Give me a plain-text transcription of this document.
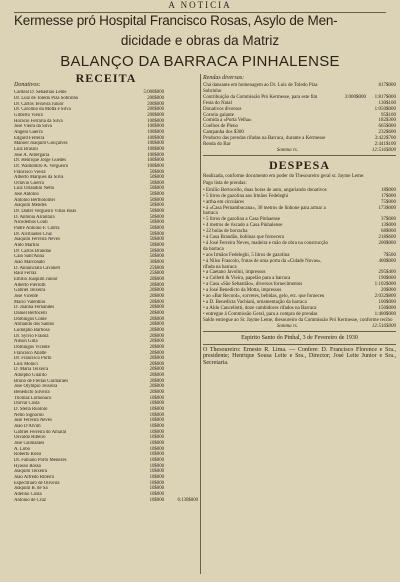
A NOTICIA
Kermesse pró Hospital Francisco Rosas, Asylo de Men-
dicidade e obras da Matriz
BALANÇO DA BARRACA PINHALENSE
RECEITA
Donativos:
Cardeal D. Sebastião Leme	5:000$000
Dr. Luiz de Toledo Piza Sobrinho	200$000
Dr. Carlos Teixeira Junior	200$000
Dr. Carolino da Motta e Silva	200$000
Gilberto Vieira	200$000
Horacio Ferraria da Silva	100$000
José Vieira da Silva	100$000
Angelo Guerra	100$000
Edgard Ferreira	100$000
Manoel Joaquim Gonçalves	100$000
Luiz Brasini	100$000
José A. Albergaria	100$000
Dr. Henrique Jorge Guedes	100$000
Dr. Waldomiro A. Vergueiro	100$000
Francisco Vieira	50$000
Alberto Marques da Silva	50$000
Octavio Guerra	50$000
Luiz Orlandini Netto	50$000
José Antonio	50$000
Antonio Bertholomei	50$000
Joaquim Mendes	50$000
Dr. Dalter Vergueiro Villas Boas	50$000
D. Antonia Alcantara	50$000
Nicodemos Conti	50$000
Padre Antonio F. Cintra	50$000
Dr. Alcibiades Cruz	50$000
Joaquim Ferreira Neves	50$000
Aldo Martini	50$000
Dr. Carlos Brandão	50$000
Caio Sant'Anna	50$000
João Marconato	30$000
D. Annunciata Cavalieri	25$000
Raul Ferraz	25$000
Emilio Joaquim Junior	20$000
Alberto Pierrotti	20$000
Gabriel Teixeira	20$000
José Vicente	20$000
Mario Valentino	20$000
D. Joanna Fernandes	20$000
Daniel Bertocelli	20$000
Domingos Conte	20$000
Armando dos Santos	20$000
Ludolpho Barbosa	20$000
Dr. Sylvio Fraiola	20$000
Nilson Gilla	20$000
Domingos Vicente	20$000
Francisco Abatte	20$000
Dr. Francisco Porto	20$000
Luiz Monici	20$000
D. Maria Teixeira	20$000
Adolpho Gilardo	20$000
Bruno de Freitas Guimarães	20$000
José Olympio Teixeira	20$000
Benedicto Silveira	20$000
Thomaz Lomonaco	10$000
Durval Costa	10$000
D. Stella Ruotolo	10$000
Nello Signorini	10$000
José Ferreira Neves	10$000
João D'Alvim	10$000
Gabriel Ferreira do Amaral	10$000
Osvaldo Ribeiro	10$000
José Guimarães	10$000
A. Lobo	10$000
Roberto Rossi	10$000
Dr. Fabiano Porto Menezes	10$000
Hyasso Rossa	10$000
Joaquim Teixeira	10$000
João Alfredo Ribeiro	10$000
Espectiliaro de Oliveira	10$000
Joaquim B. de Sá	10$000
Adelino Costa	10$000
Antonio de Cruz	10$000	6:130$000
Rendas diversas:
Chá dansante em homenagem ao Dr. Luiz de Toledo Piza Sobrinho
817$000
Contribuição da Commissão Pró Kermesse, para este fim	3:000$000	1:817$000
Festa do Natal	130$100
Donativos diversos	1:050$000
Correio galante	95$100
Comida a «Porta Velha»	182$300
Coelhos de Pleno	665$000
Campanha dos $300	232$600
Producto das prendas rifadas na Barraca, durante a Kermesse	3:422$700
Renda do Bar	2:441$100
Somma rs.	12:516$000
DESPESA
Realizada, conforme documento em poder do Thesoureiro geral sr. Jayme Leme:
Pago lista de prendas:
• Emilio Bertocello, duas horas de auto, angariando donativos	18$000
• 5 litros de gazolina aos Irmãos Fedeleghi	17$000
• artha em circulares	75$000
• á «Casa Pernambucana», 30 metros de linhone para armar a barraca
173$000
• 5 litros de gazolina a Casa Pinhaense	37$000
• 4 metros de riscado a Casa Pinhalense	13$000
• 22 bolas de borracha	68$000
• á Casa Brandão, bobinas que fornecera	218$600
• á José Ferreira Neves, madeira e mão de obra na construcção da barraca
200$000
• aos Irmãos Fedeleghi, 5 litros de gazolina	7$500
• á Nilso Frascolo, frutas de uma porta da «Cidade Novas», rifada na barraca
400$000
• a Caetano Javolini, impressos	295$400
• a Colletti & Vieira, papelão para a barraca	190$000
• a Casa «São Sebastião», diversos fornecimentos	1:102$000
• a José Benedicto da Motta, impressos	20$000
• ao «Bar Record», sorvetes, bebidas, gelo, etc. que forneceu	2:032$800
• a D. Benedicta Vachiani, ornamentação da barraca	100$000
• a Aldo Cancellotti, doze cambidores rifados na Barraca	150$000
• entregue á Commissão Geral, para a compra de prendas	1:400$000
Saldo entregue ao Sr. Jayme Leme, thesoureiro da Commissão Pró Kermesse, conforme recibo
Somma rs.	12:516$000
Espirito Santo do Pinhal, 3 de Fevereiro de 1930
O Thesoureiro: Ernesto R. Lima. — Confere: D. Francisco Florence e Sra., presidente; Henrique Sousa Leite e Sra., Director; José Leite Junior e Sra., Secretaria.
